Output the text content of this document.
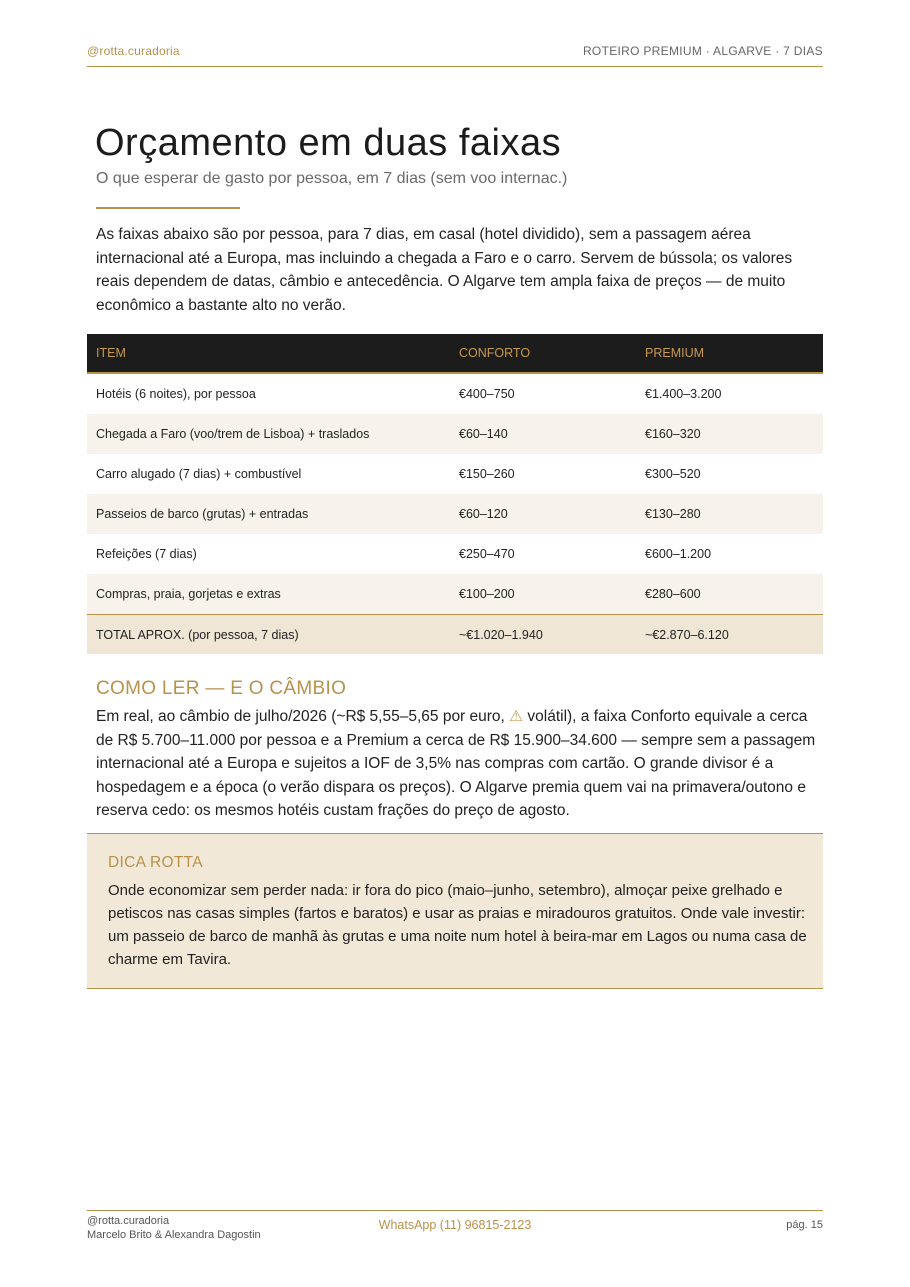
@rotta.curadoria	ROTEIRO PREMIUM · ALGARVE · 7 DIAS
Orçamento em duas faixas
O que esperar de gasto por pessoa, em 7 dias (sem voo internac.)

As faixas abaixo são por pessoa, para 7 dias, em casal (hotel dividido), sem a passagem aérea internacional até a Europa, mas incluindo a chegada a Faro e o carro. Servem de bússola; os valores reais dependem de datas, câmbio e antecedência. O Algarve tem ampla faixa de preços — de muito econômico a bastante alto no verão.

ITEM	CONFORTO	PREMIUM
Hotéis (6 noites), por pessoa	€400–750	€1.400–3.200
Chegada a Faro (voo/trem de Lisboa) + traslados	€60–140	€160–320
Carro alugado (7 dias) + combustível	€150–260	€300–520
Passeios de barco (grutas) + entradas	€60–120	€130–280
Refeições (7 dias)	€250–470	€600–1.200
Compras, praia, gorjetas e extras	€100–200	€280–600
TOTAL APROX. (por pessoa, 7 dias)	~€1.020–1.940	~€2.870–6.120
COMO LER — E O CÂMBIO
Em real, ao câmbio de julho/2026 (~R$ 5,55–5,65 por euro, ⚠ volátil), a faixa Conforto equivale a cerca de R$ 5.700–11.000 por pessoa e a Premium a cerca de R$ 15.900–34.600 — sempre sem a passagem internacional até a Europa e sujeitos a IOF de 3,5% nas compras com cartão. O grande divisor é a hospedagem e a época (o verão dispara os preços). O Algarve premia quem vai na primavera/outono e reserva cedo: os mesmos hotéis custam frações do preço de agosto.
DICA ROTTA
Onde economizar sem perder nada: ir fora do pico (maio–junho, setembro), almoçar peixe grelhado e petiscos nas casas simples (fartos e baratos) e usar as praias e miradouros gratuitos. Onde vale investir: um passeio de barco de manhã às grutas e uma noite num hotel à beira-mar em Lagos ou numa casa de charme em Tavira.
@rotta.curadoria
Marcelo Brito & Alexandra Dagostin
WhatsApp (11) 96815-2123	pág. 15
